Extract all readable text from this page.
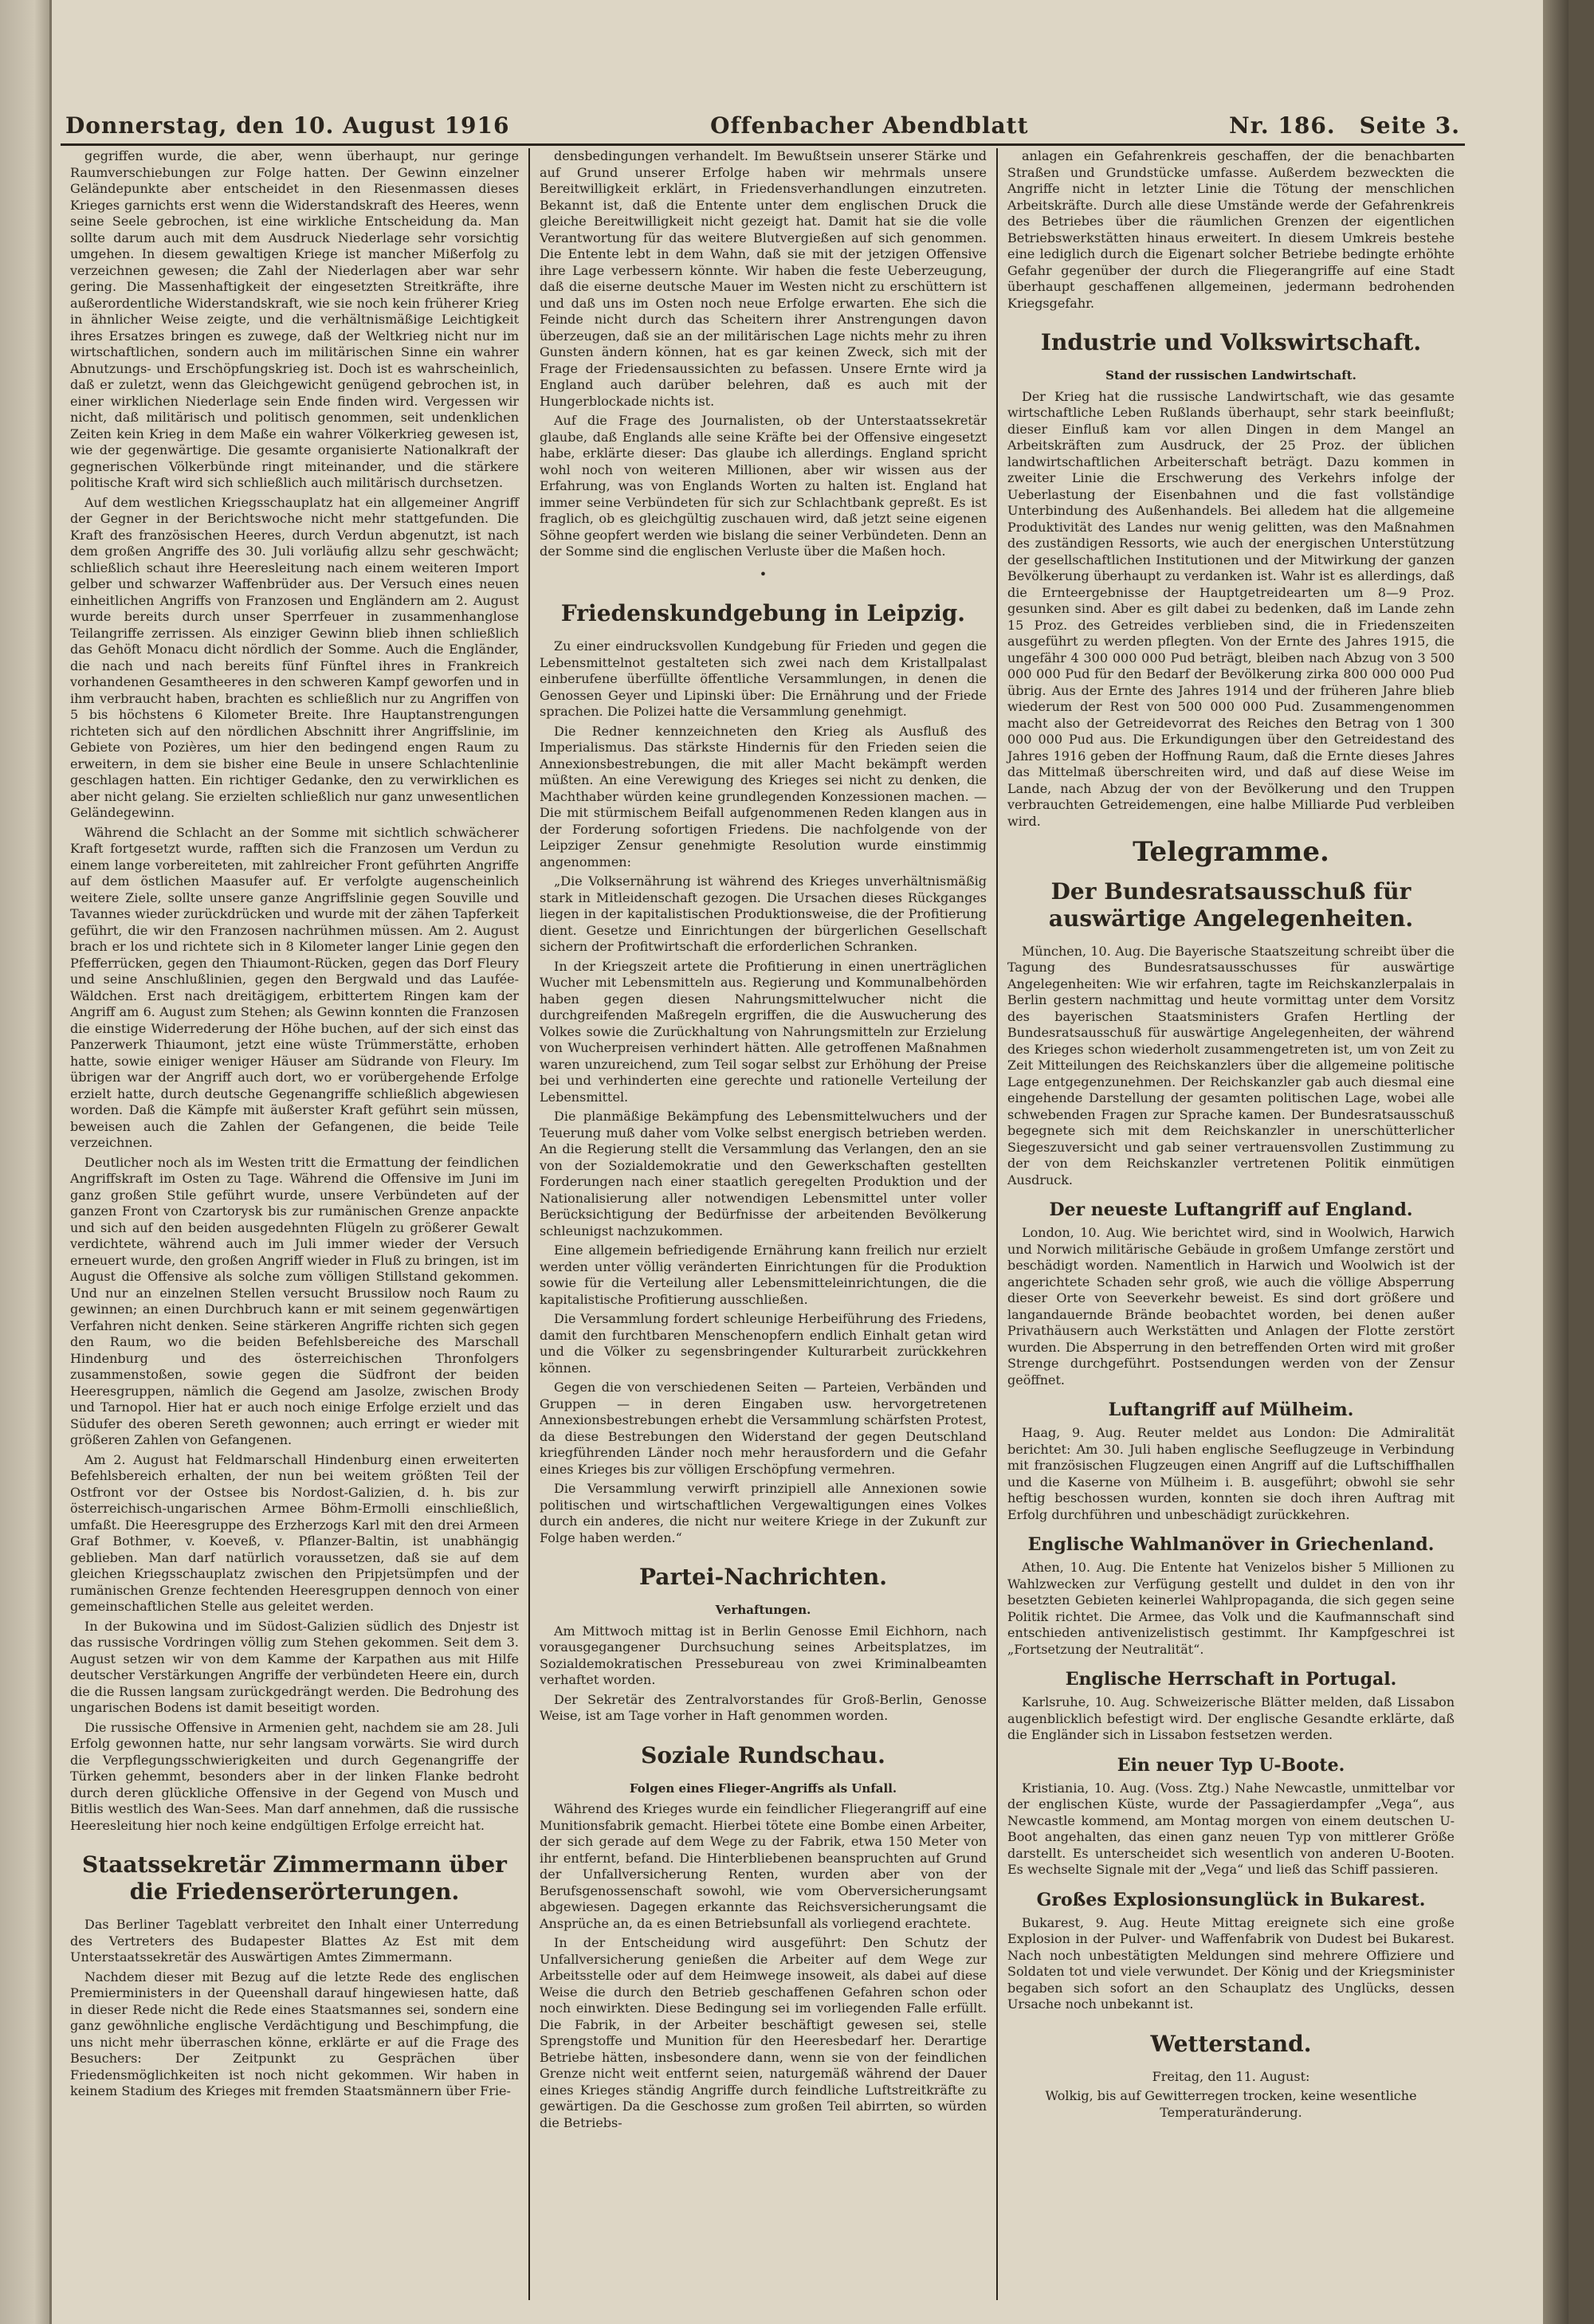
Donnerstag, den 10. August 1916	Offenbacher Abendblatt	Nr. 186. Seite 3.

gegriffen wurde, die aber, wenn überhaupt, nur geringe Raumverschiebungen zur Folge hatten. Der Gewinn einzelner Geländepunkte aber entscheidet in den Riesenmassen dieses Krieges garnichts erst wenn die Widerstandskraft des Heeres, wenn seine Seele gebrochen, ist eine wirkliche Entscheidung da. Man sollte darum auch mit dem Ausdruck Niederlage sehr vorsichtig umgehen. In diesem gewaltigen Kriege ist mancher Mißerfolg zu verzeichnen gewesen; die Zahl der Niederlagen aber war sehr gering. Die Massenhaftigkeit der eingesetzten Streitkräfte, ihre außerordentliche Widerstandskraft, wie sie noch kein früherer Krieg in ähnlicher Weise zeigte, und die verhältnismäßige Leichtigkeit ihres Ersatzes bringen es zuwege, daß der Weltkrieg nicht nur im wirtschaftlichen, sondern auch im militärischen Sinne ein wahrer Abnutzungs- und Erschöpfungskrieg ist. Doch ist es wahrscheinlich, daß er zuletzt, wenn das Gleichgewicht genügend gebrochen ist, in einer wirklichen Niederlage sein Ende finden wird. Vergessen wir nicht, daß militärisch und politisch genommen, seit undenklichen Zeiten kein Krieg in dem Maße ein wahrer Völkerkrieg gewesen ist, wie der gegenwärtige. Die gesamte organisierte Nationalkraft der gegnerischen Völkerbünde ringt miteinander, und die stärkere politische Kraft wird sich schließlich auch militärisch durchsetzen.

Auf dem westlichen Kriegsschauplatz hat ein allgemeiner Angriff der Gegner in der Berichtswoche nicht mehr stattgefunden. Die Kraft des französischen Heeres, durch Verdun abgenutzt, ist nach dem großen Angriffe des 30. Juli vorläufig allzu sehr geschwächt; schließlich schaut ihre Heeresleitung nach einem weiteren Import gelber und schwarzer Waffenbrüder aus. Der Versuch eines neuen einheitlichen Angriffs von Franzosen und Engländern am 2. August wurde bereits durch unser Sperrfeuer in zusammenhanglose Teilangriffe zerrissen. Als einziger Gewinn blieb ihnen schließlich das Gehöft Monacu dicht nördlich der Somme. Auch die Engländer, die nach und nach bereits fünf Fünftel ihres in Frankreich vorhandenen Gesamtheeres in den schweren Kampf geworfen und in ihm verbraucht haben, brachten es schließlich nur zu Angriffen von 5 bis höchstens 6 Kilometer Breite. Ihre Hauptanstrengungen richteten sich auf den nördlichen Abschnitt ihrer Angriffslinie, im Gebiete von Pozières, um hier den bedingend engen Raum zu erweitern, in dem sie bisher eine Beule in unsere Schlachtenlinie geschlagen hatten. Ein richtiger Gedanke, den zu verwirklichen es aber nicht gelang. Sie erzielten schließlich nur ganz unwesentlichen Geländegewinn.

Während die Schlacht an der Somme mit sichtlich schwächerer Kraft fortgesetzt wurde, rafften sich die Franzosen um Verdun zu einem lange vorbereiteten, mit zahlreicher Front geführten Angriffe auf dem östlichen Maasufer auf. Er verfolgte augenscheinlich weitere Ziele, sollte unsere ganze Angriffslinie gegen Souville und Tavannes wieder zurückdrücken und wurde mit der zähen Tapferkeit geführt, die wir den Franzosen nachrühmen müssen. Am 2. August brach er los und richtete sich in 8 Kilometer langer Linie gegen den Pfefferrücken, gegen den Thiaumont-Rücken, gegen das Dorf Fleury und seine Anschlußlinien, gegen den Bergwald und das Laufée-Wäldchen. Erst nach dreitägigem, erbittertem Ringen kam der Angriff am 6. August zum Stehen; als Gewinn konnten die Franzosen die einstige Widerrederung der Höhe buchen, auf der sich einst das Panzerwerk Thiaumont, jetzt eine wüste Trümmerstätte, erhoben hatte, sowie einiger weniger Häuser am Südrande von Fleury. Im übrigen war der Angriff auch dort, wo er vorübergehende Erfolge erzielt hatte, durch deutsche Gegenangriffe schließlich abgewiesen worden. Daß die Kämpfe mit äußerster Kraft geführt sein müssen, beweisen auch die Zahlen der Gefangenen, die beide Teile verzeichnen.

Deutlicher noch als im Westen tritt die Ermattung der feindlichen Angriffskraft im Osten zu Tage. Während die Offensive im Juni im ganz großen Stile geführt wurde, unsere Verbündeten auf der ganzen Front von Czartorysk bis zur rumänischen Grenze anpackte und sich auf den beiden ausgedehnten Flügeln zu größerer Gewalt verdichtete, während auch im Juli immer wieder der Versuch erneuert wurde, den großen Angriff wieder in Fluß zu bringen, ist im August die Offensive als solche zum völligen Stillstand gekommen. Und nur an einzelnen Stellen versucht Brussilow noch Raum zu gewinnen; an einen Durchbruch kann er mit seinem gegenwärtigen Verfahren nicht denken. Seine stärkeren Angriffe richten sich gegen den Raum, wo die beiden Befehlsbereiche des Marschall Hindenburg und des österreichischen Thronfolgers zusammenstoßen, sowie gegen die Südfront der beiden Heeresgruppen, nämlich die Gegend am Jasolze, zwischen Brody und Tarnopol. Hier hat er auch noch einige Erfolge erzielt und das Südufer des oberen Sereth gewonnen; auch erringt er wieder mit größeren Zahlen von Gefangenen.

Am 2. August hat Feldmarschall Hindenburg einen erweiterten Befehlsbereich erhalten, der nun bei weitem größten Teil der Ostfront vor der Ostsee bis Nordost-Galizien, d. h. bis zur österreichisch-ungarischen Armee Böhm-Ermolli einschließlich, umfaßt. Die Heeresgruppe des Erzherzogs Karl mit den drei Armeen Graf Bothmer, v. Koeveß, v. Pflanzer-Baltin, ist unabhängig geblieben. Man darf natürlich voraussetzen, daß sie auf dem gleichen Kriegsschauplatz zwischen den Pripjetsümpfen und der rumänischen Grenze fechtenden Heeresgruppen dennoch von einer gemeinschaftlichen Stelle aus geleitet werden.

In der Bukowina und im Südost-Galizien südlich des Dnjestr ist das russische Vordringen völlig zum Stehen gekommen. Seit dem 3. August setzen wir von dem Kamme der Karpathen aus mit Hilfe deutscher Verstärkungen Angriffe der verbündeten Heere ein, durch die die Russen langsam zurückgedrängt werden. Die Bedrohung des ungarischen Bodens ist damit beseitigt worden.

Die russische Offensive in Armenien geht, nachdem sie am 28. Juli Erfolg gewonnen hatte, nur sehr langsam vorwärts. Sie wird durch die Verpflegungsschwierigkeiten und durch Gegenangriffe der Türken gehemmt, besonders aber in der linken Flanke bedroht durch deren glückliche Offensive in der Gegend von Musch und Bitlis westlich des Wan-Sees. Man darf annehmen, daß die russische Heeresleitung hier noch keine endgültigen Erfolge erreicht hat.

Staatssekretär Zimmermann über die Friedenserörterungen.

Das Berliner Tageblatt verbreitet den Inhalt einer Unterredung des Vertreters des Budapester Blattes Az Est mit dem Unterstaatssekretär des Auswärtigen Amtes Zimmermann.

Nachdem dieser mit Bezug auf die letzte Rede des englischen Premierministers in der Queenshall darauf hingewiesen hatte, daß in dieser Rede nicht die Rede eines Staatsmannes sei, sondern eine ganz gewöhnliche englische Verdächtigung und Beschimpfung, die uns nicht mehr überraschen könne, erklärte er auf die Frage des Besuchers: Der Zeitpunkt zu Gesprächen über Friedensmöglichkeiten ist noch nicht gekommen. Wir haben in keinem Stadium des Krieges mit fremden Staatsmännern über Frie-

densbedingungen verhandelt. Im Bewußtsein unserer Stärke und auf Grund unserer Erfolge haben wir mehrmals unsere Bereitwilligkeit erklärt, in Friedensverhandlungen einzutreten. Bekannt ist, daß die Entente unter dem englischen Druck die gleiche Bereitwilligkeit nicht gezeigt hat. Damit hat sie die volle Verantwortung für das weitere Blutvergießen auf sich genommen. Die Entente lebt in dem Wahn, daß sie mit der jetzigen Offensive ihre Lage verbessern könnte. Wir haben die feste Ueberzeugung, daß die eiserne deutsche Mauer im Westen nicht zu erschüttern ist und daß uns im Osten noch neue Erfolge erwarten. Ehe sich die Feinde nicht durch das Scheitern ihrer Anstrengungen davon überzeugen, daß sie an der militärischen Lage nichts mehr zu ihren Gunsten ändern können, hat es gar keinen Zweck, sich mit der Frage der Friedensaussichten zu befassen. Unsere Ernte wird ja England auch darüber belehren, daß es auch mit der Hungerblockade nichts ist.

Auf die Frage des Journalisten, ob der Unterstaatssekretär glaube, daß Englands alle seine Kräfte bei der Offensive eingesetzt habe, erklärte dieser: Das glaube ich allerdings. England spricht wohl noch von weiteren Millionen, aber wir wissen aus der Erfahrung, was von Englands Worten zu halten ist. England hat immer seine Verbündeten für sich zur Schlachtbank gepreßt. Es ist fraglich, ob es gleichgültig zuschauen wird, daß jetzt seine eigenen Söhne geopfert werden wie bislang die seiner Verbündeten. Denn an der Somme sind die englischen Verluste über die Maßen hoch.

•
Friedenskundgebung in Leipzig.

Zu einer eindrucksvollen Kundgebung für Frieden und gegen die Lebensmittelnot gestalteten sich zwei nach dem Kristallpalast einberufene überfüllte öffentliche Versammlungen, in denen die Genossen Geyer und Lipinski über: Die Ernährung und der Friede sprachen. Die Polizei hatte die Versammlung genehmigt.

Die Redner kennzeichneten den Krieg als Ausfluß des Imperialismus. Das stärkste Hindernis für den Frieden seien die Annexionsbestrebungen, die mit aller Macht bekämpft werden müßten. An eine Verewigung des Krieges sei nicht zu denken, die Machthaber würden keine grundlegenden Konzessionen machen. — Die mit stürmischem Beifall aufgenommenen Reden klangen aus in der Forderung sofortigen Friedens. Die nachfolgende von der Leipziger Zensur genehmigte Resolution wurde einstimmig angenommen:

„Die Volksernährung ist während des Krieges unverhältnismäßig stark in Mitleidenschaft gezogen. Die Ursachen dieses Rückganges liegen in der kapitalistischen Produktionsweise, die der Profitierung dient. Gesetze und Einrichtungen der bürgerlichen Gesellschaft sichern der Profitwirtschaft die erforderlichen Schranken.

In der Kriegszeit artete die Profitierung in einen unerträglichen Wucher mit Lebensmitteln aus. Regierung und Kommunalbehörden haben gegen diesen Nahrungsmittelwucher nicht die durchgreifenden Maßregeln ergriffen, die die Auswucherung des Volkes sowie die Zurückhaltung von Nahrungsmitteln zur Erzielung von Wucherpreisen verhindert hätten. Alle getroffenen Maßnahmen waren unzureichend, zum Teil sogar selbst zur Erhöhung der Preise bei und verhinderten eine gerechte und rationelle Verteilung der Lebensmittel.

Die planmäßige Bekämpfung des Lebensmittelwuchers und der Teuerung muß daher vom Volke selbst energisch betrieben werden. An die Regierung stellt die Versammlung das Verlangen, den an sie von der Sozialdemokratie und den Gewerkschaften gestellten Forderungen nach einer staatlich geregelten Produktion und der Nationalisierung aller notwendigen Lebensmittel unter voller Berücksichtigung der Bedürfnisse der arbeitenden Bevölkerung schleunigst nachzukommen.

Eine allgemein befriedigende Ernährung kann freilich nur erzielt werden unter völlig veränderten Einrichtungen für die Produktion sowie für die Verteilung aller Lebensmitteleinrichtungen, die die kapitalistische Profitierung ausschließen.

Die Versammlung fordert schleunige Herbeiführung des Friedens, damit den furchtbaren Menschenopfern endlich Einhalt getan wird und die Völker zu segensbringender Kulturarbeit zurückkehren können.

Gegen die von verschiedenen Seiten — Parteien, Verbänden und Gruppen — in deren Eingaben usw. hervorgetretenen Annexionsbestrebungen erhebt die Versammlung schärfsten Protest, da diese Bestrebungen den Widerstand der gegen Deutschland kriegführenden Länder noch mehr herausfordern und die Gefahr eines Krieges bis zur völligen Erschöpfung vermehren.

Die Versammlung verwirft prinzipiell alle Annexionen sowie politischen und wirtschaftlichen Vergewaltigungen eines Volkes durch ein anderes, die nicht nur weitere Kriege in der Zukunft zur Folge haben werden.“

Partei-Nachrichten.
Verhaftungen.

Am Mittwoch mittag ist in Berlin Genosse Emil Eichhorn, nach vorausgegangener Durchsuchung seines Arbeitsplatzes, im Sozialdemokratischen Pressebureau von zwei Kriminalbeamten verhaftet worden.

Der Sekretär des Zentralvorstandes für Groß-Berlin, Genosse Weise, ist am Tage vorher in Haft genommen worden.

Soziale Rundschau.
Folgen eines Flieger-Angriffs als Unfall.

Während des Krieges wurde ein feindlicher Fliegerangriff auf eine Munitionsfabrik gemacht. Hierbei tötete eine Bombe einen Arbeiter, der sich gerade auf dem Wege zu der Fabrik, etwa 150 Meter von ihr entfernt, befand. Die Hinterbliebenen beanspruchten auf Grund der Unfallversicherung Renten, wurden aber von der Berufsgenossenschaft sowohl, wie vom Oberversicherungsamt abgewiesen. Dagegen erkannte das Reichsversicherungsamt die Ansprüche an, da es einen Betriebsunfall als vorliegend erachtete.

In der Entscheidung wird ausgeführt: Den Schutz der Unfallversicherung genießen die Arbeiter auf dem Wege zur Arbeitsstelle oder auf dem Heimwege insoweit, als dabei auf diese Weise die durch den Betrieb geschaffenen Gefahren schon oder noch einwirkten. Diese Bedingung sei im vorliegenden Falle erfüllt. Die Fabrik, in der Arbeiter beschäftigt gewesen sei, stelle Sprengstoffe und Munition für den Heeresbedarf her. Derartige Betriebe hätten, insbesondere dann, wenn sie von der feindlichen Grenze nicht weit entfernt seien, naturgemäß während der Dauer eines Krieges ständig Angriffe durch feindliche Luftstreitkräfte zu gewärtigen. Da die Geschosse zum großen Teil abirrten, so würden die Betriebs-

anlagen ein Gefahrenkreis geschaffen, der die benachbarten Straßen und Grundstücke umfasse. Außerdem bezweckten die Angriffe nicht in letzter Linie die Tötung der menschlichen Arbeitskräfte. Durch alle diese Umstände werde der Gefahrenkreis des Betriebes über die räumlichen Grenzen der eigentlichen Betriebswerkstätten hinaus erweitert. In diesem Umkreis bestehe eine lediglich durch die Eigenart solcher Betriebe bedingte erhöhte Gefahr gegenüber der durch die Fliegerangriffe auf eine Stadt überhaupt geschaffenen allgemeinen, jedermann bedrohenden Kriegsgefahr.

Industrie und Volkswirtschaft.
Stand der russischen Landwirtschaft.

Der Krieg hat die russische Landwirtschaft, wie das gesamte wirtschaftliche Leben Rußlands überhaupt, sehr stark beeinflußt; dieser Einfluß kam vor allen Dingen in dem Mangel an Arbeitskräften zum Ausdruck, der 25 Proz. der üblichen landwirtschaftlichen Arbeiterschaft beträgt. Dazu kommen in zweiter Linie die Erschwerung des Verkehrs infolge der Ueberlastung der Eisenbahnen und die fast vollständige Unterbindung des Außenhandels. Bei alledem hat die allgemeine Produktivität des Landes nur wenig gelitten, was den Maßnahmen des zuständigen Ressorts, wie auch der energischen Unterstützung der gesellschaftlichen Institutionen und der Mitwirkung der ganzen Bevölkerung überhaupt zu verdanken ist. Wahr ist es allerdings, daß die Ernteergebnisse der Hauptgetreidearten um 8—9 Proz. gesunken sind. Aber es gilt dabei zu bedenken, daß im Lande zehn 15 Proz. des Getreides verblieben sind, die in Friedenszeiten ausgeführt zu werden pflegten. Von der Ernte des Jahres 1915, die ungefähr 4 300 000 000 Pud beträgt, bleiben nach Abzug von 3 500 000 000 Pud für den Bedarf der Bevölkerung zirka 800 000 000 Pud übrig. Aus der Ernte des Jahres 1914 und der früheren Jahre blieb wiederum der Rest von 500 000 000 Pud. Zusammengenommen macht also der Getreidevorrat des Reiches den Betrag von 1 300 000 000 Pud aus. Die Erkundigungen über den Getreidestand des Jahres 1916 geben der Hoffnung Raum, daß die Ernte dieses Jahres das Mittelmaß überschreiten wird, und daß auf diese Weise im Lande, nach Abzug der von der Bevölkerung und den Truppen verbrauchten Getreidemengen, eine halbe Milliarde Pud verbleiben wird.

Telegramme.
Der Bundesratsausschuß für auswärtige Angelegenheiten.

München, 10. Aug. Die Bayerische Staatszeitung schreibt über die Tagung des Bundesratsausschusses für auswärtige Angelegenheiten: Wie wir erfahren, tagte im Reichskanzlerpalais in Berlin gestern nachmittag und heute vormittag unter dem Vorsitz des bayerischen Staatsministers Grafen Hertling der Bundesratsausschuß für auswärtige Angelegenheiten, der während des Krieges schon wiederholt zusammengetreten ist, um von Zeit zu Zeit Mitteilungen des Reichskanzlers über die allgemeine politische Lage entgegenzunehmen. Der Reichskanzler gab auch diesmal eine eingehende Darstellung der gesamten politischen Lage, wobei alle schwebenden Fragen zur Sprache kamen. Der Bundesratsausschuß begegnete sich mit dem Reichskanzler in unerschütterlicher Siegeszuversicht und gab seiner vertrauensvollen Zustimmung zu der von dem Reichskanzler vertretenen Politik einmütigen Ausdruck.

Der neueste Luftangriff auf England.

London, 10. Aug. Wie berichtet wird, sind in Woolwich, Harwich und Norwich militärische Gebäude in großem Umfange zerstört und beschädigt worden. Namentlich in Harwich und Woolwich ist der angerichtete Schaden sehr groß, wie auch die völlige Absperrung dieser Orte von Seeverkehr beweist. Es sind dort größere und langandauernde Brände beobachtet worden, bei denen außer Privathäusern auch Werkstätten und Anlagen der Flotte zerstört wurden. Die Absperrung in den betreffenden Orten wird mit großer Strenge durchgeführt. Postsendungen werden von der Zensur geöffnet.

Luftangriff auf Mülheim.

Haag, 9. Aug. Reuter meldet aus London: Die Admiralität berichtet: Am 30. Juli haben englische Seeflugzeuge in Verbindung mit französischen Flugzeugen einen Angriff auf die Luftschiffhallen und die Kaserne von Mülheim i. B. ausgeführt; obwohl sie sehr heftig beschossen wurden, konnten sie doch ihren Auftrag mit Erfolg durchführen und unbeschädigt zurückkehren.

Englische Wahlmanöver in Griechenland.

Athen, 10. Aug. Die Entente hat Venizelos bisher 5 Millionen zu Wahlzwecken zur Verfügung gestellt und duldet in den von ihr besetzten Gebieten keinerlei Wahlpropaganda, die sich gegen seine Politik richtet. Die Armee, das Volk und die Kaufmannschaft sind entschieden antivenizelistisch gestimmt. Ihr Kampfgeschrei ist „Fortsetzung der Neutralität“.

Englische Herrschaft in Portugal.

Karlsruhe, 10. Aug. Schweizerische Blätter melden, daß Lissabon augenblicklich befestigt wird. Der englische Gesandte erklärte, daß die Engländer sich in Lissabon festsetzen werden.

Ein neuer Typ U-Boote.

Kristiania, 10. Aug. (Voss. Ztg.) Nahe Newcastle, unmittelbar vor der englischen Küste, wurde der Passagierdampfer „Vega“, aus Newcastle kommend, am Montag morgen von einem deutschen U-Boot angehalten, das einen ganz neuen Typ von mittlerer Größe darstellt. Es unterscheidet sich wesentlich von anderen U-Booten. Es wechselte Signale mit der „Vega“ und ließ das Schiff passieren.

Großes Explosionsunglück in Bukarest.

Bukarest, 9. Aug. Heute Mittag ereignete sich eine große Explosion in der Pulver- und Waffenfabrik von Dudest bei Bukarest. Nach noch unbestätigten Meldungen sind mehrere Offiziere und Soldaten tot und viele verwundet. Der König und der Kriegsminister begaben sich sofort an den Schauplatz des Unglücks, dessen Ursache noch unbekannt ist.

Wetterstand.

Freitag, den 11. August:

Wolkig, bis auf Gewitterregen trocken, keine wesentliche Temperaturänderung.
